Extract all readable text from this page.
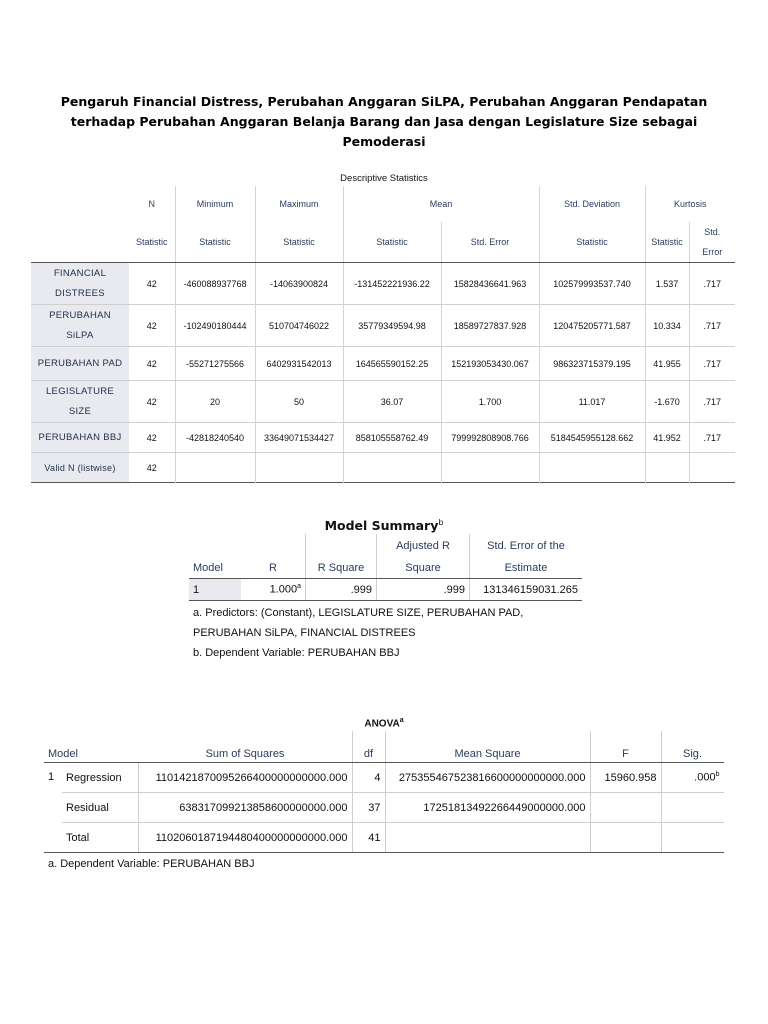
Pengaruh Financial Distress, Perubahan Anggaran SiLPA, Perubahan Anggaran Pendapatan
terhadap Perubahan Anggaran Belanja Barang dan Jasa dengan Legislature Size sebagai
Pemoderasi
Descriptive Statistics
	N	Minimum	Maximum	Mean		Std. Deviation	Kurtosis	
	Statistic	Statistic	Statistic	Statistic	Std. Error	Statistic	Statistic	Std.
Error
FINANCIAL
DISTREES	42	-460088937768	-14063900824	-131452221936.22	15828436641.963	102579993537.740	1.537	.717
PERUBAHAN
SiLPA	42	-102490180444	510704746022	35779349594.98	18589727837.928	120475205771.587	10.334	.717
PERUBAHAN PAD	42	-55271275566	6402931542013	164565590152.25	152193053430.067	986323715379.195	41.955	.717
LEGISLATURE
SIZE	42	20	50	36.07	1.700	11.017	-1.670	.717
PERUBAHAN BBJ	42	-42818240540	33649071534427	858105558762.49	799992808908.766	5184545955128.662	41.952	.717
Valid N (listwise)	42							
Model Summary$^b$
			Adjusted R	Std. Error of the
Model	R	R Square	Square	Estimate
1	1.000$^a$	.999	.999	131346159031.265
a. Predictors: (Constant), LEGISLATURE SIZE, PERUBAHAN PAD,
PERUBAHAN SiLPA, FINANCIAL DISTREES
b. Dependent Variable: PERUBAHAN BBJ
ANOVA$^a$
Model		Sum of Squares	df	Mean Square	F	Sig.
1	Regression	1101421870095266400000000000.000	4	275355467523816600000000000.000	15960.958	.000$^b$
	Residual	638317099213858600000000.000	37	17251813492266449000000.000		
	Total	1102060187194480400000000000.000	41			
a. Dependent Variable: PERUBAHAN BBJ
